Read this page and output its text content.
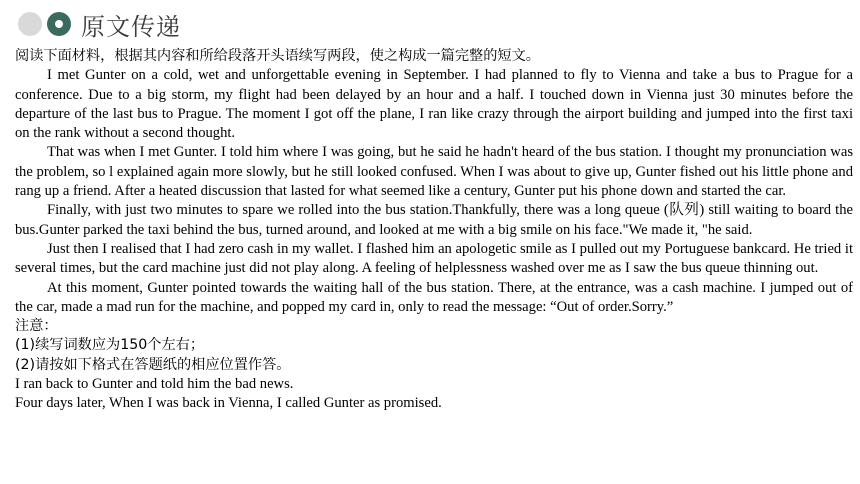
原文传递

阅读下面材料，根据其内容和所给段落开头语续写两段，使之构成一篇完整的短文。

I met Gunter on a cold, wet and unforgettable evening in September. I had planned to fly to Vienna and take a bus to Prague for a conference. Due to a big storm, my flight had been delayed by an hour and a half. I touched down in Vienna just 30 minutes before the departure of the last bus to Prague. The moment I got off the plane, I ran like crazy through the airport building and jumped into the first taxi on the rank without a second thought.

That was when I met Gunter. I told him where I was going, but he said he hadn't heard of the bus station. I thought my pronunciation was the problem, so l explained again more slowly, but he still looked confused. When I was about to give up, Gunter fished out his little phone and rang up a friend. After a heated discussion that lasted for what seemed like a century, Gunter put his phone down and started the car.

Finally, with just two minutes to spare we rolled into the bus station.Thankfully, there was a long queue (队列) still waiting to board the bus.Gunter parked the taxi behind the bus, turned around, and looked at me with a big smile on his face."We made it, "he said.

Just then I realised that I had zero cash in my wallet. I flashed him an apologetic smile as I pulled out my Portuguese bankcard. He tried it several times, but the card machine just did not play along. A feeling of helplessness washed over me as I saw the bus queue thinning out.

At this moment, Gunter pointed towards the waiting hall of the bus station. There, at the entrance, was a cash machine. I jumped out of the car, made a mad run for the machine, and popped my card in, only to read the message: “Out of order.Sorry.”

注意：

(1)续写词数应为150个左右；

(2)请按如下格式在答题纸的相应位置作答。

I ran back to Gunter and told him the bad news.

Four days later, When I was back in Vienna, I called Gunter as promised.
